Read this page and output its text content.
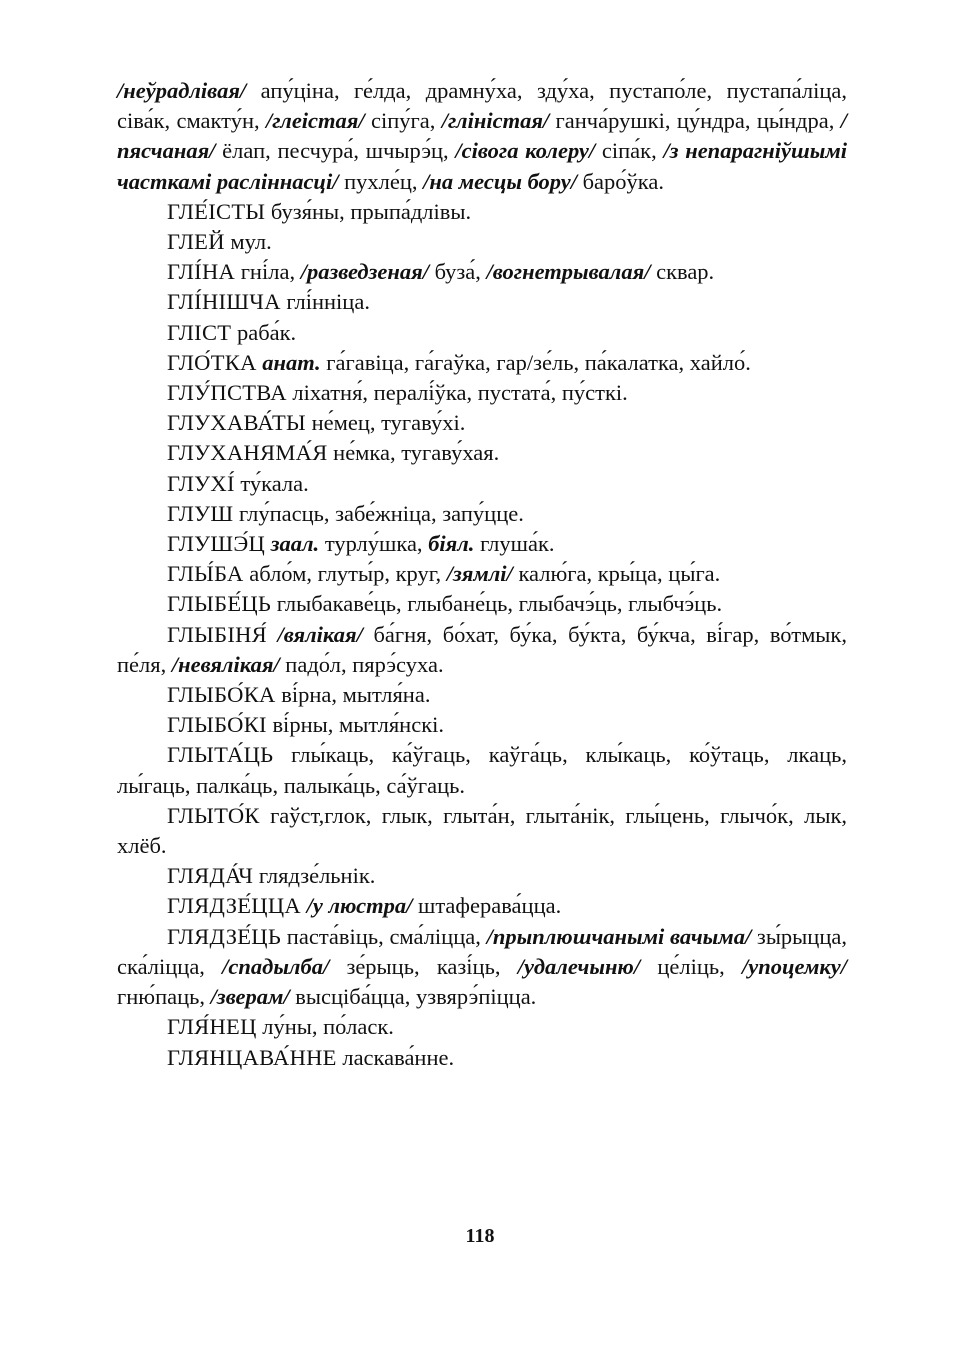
/неўрадлівая/ апу́ціна, ге́лда, драмну́ха, зду́ха, пустапо́ле, пустапа́ліца, сіва́к, смакту́н, /глеістая/ сіпу́га, /глінiстая/ ганча́рушкі, цу́ндра, цы́ндра, /пясчаная/ ёлап, песчура́, шчырэ́ц, /сівога колеру/ сіпа́к, /з непарагніўшымі часткамі расліннасці/ пухле́ц, /на месцы бору/ баро́ўка.

ГЛЕ́ІСТЫ бузя́ны, прыпа́длівы.

ГЛЕЙ мул.

ГЛІ́НА гні́ла, /разведзеная/ буза́, /вогнетрывалая/ сквар.

ГЛІ́НІШЧА глі́нніца.

ГЛІСТ раба́к.

ГЛО́ТКА анат. га́гавіца, га́гаўка, гар/зе́ль, па́калатка, хайло́.

ГЛУ́ПСТВА ліхатня́, пералі́ўка, пустата́, пу́сткі.

ГЛУХАВА́ТЫ не́мец, тугаву́хі.

ГЛУХАНЯМА́Я не́мка, тугаву́хая.

ГЛУХІ́ ту́кала.

ГЛУШ глу́пасць, забе́жніца, запу́цце.

ГЛУШЭ́Ц заал. турлу́шка, біял. глуша́к.

ГЛЫ́БА абло́м, глуты́р, круг, /зямлі/ калю́га, кры́ца, цы́га.

ГЛЫБЕ́ЦЬ глыбакаве́ць, глыбане́ць, глыбачэ́ць, глыбчэ́ць.

ГЛЫБІНЯ́ /вялікая/ ба́гня, бо́хат, бу́ка, бу́кта, бу́кча, ві́гар, во́тмык, пе́ля, /невялікая/ падо́л, пярэ́суха.

ГЛЫБО́КА ві́рна, мытля́на.

ГЛЫБО́КІ ві́рны, мытля́нскі.

ГЛЫТА́ЦЬ глы́каць, ка́ўгаць, каўга́ць, клы́каць, ко́ўтаць, лкаць, лы́гаць, палка́ць, палыка́ць, са́ўгаць.

ГЛЫТО́К гаўст,глок, глык, глыта́н, глыта́нік, глы́цень, глычо́к, лык, хлёб.

ГЛЯДА́Ч глядзе́льнік.

ГЛЯДЗЕ́ЦЦА /у люстра/ штаферава́цца.

ГЛЯДЗЕ́ЦЬ паста́віць, сма́ліцца, /прыплюшчанымі вачыма/ зы́рыцца, ска́ліцца, /спадылба/ зе́рыць, казі́ць, /удалечыню/ це́ліць, /упоцемку/ гню́паць, /зверам/ высціба́цца, узвярэ́піцца.

ГЛЯ́НЕЦ лу́ны, по́ласк.

ГЛЯНЦАВА́ННЕ ласкава́нне.

118
